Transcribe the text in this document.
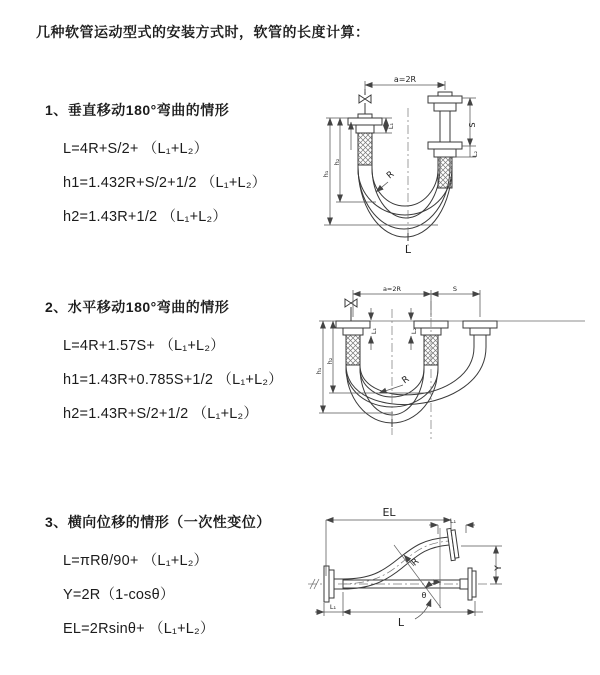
几种软管运动型式的安装方式时，软管的长度计算：
1、垂直移动180°弯曲的情形
L=4R+S/2+ （L₁+L₂）
h1=1.432R+S/2+1/2 （L₁+L₂）
h2=1.43R+1/2 （L₁+L₂）
2、水平移动180°弯曲的情形
L=4R+1.57S+ （L₁+L₂）
h1=1.43R+0.785S+1/2 （L₁+L₂）
h2=1.43R+S/2+1/2 （L₁+L₂）
3、横向位移的情形（一次性变位）
L=πRθ/90+ （L₁+L₂）
Y=2R（1-cosθ）
EL=2Rsinθ+ （L₁+L₂）
a=2R
S
L₂
L₁
h₁
h₂
R
L
a=2R	S
L₁	L₂
h₁
h₂
R
EL
L₁
Y
R
θ
L₁
L
